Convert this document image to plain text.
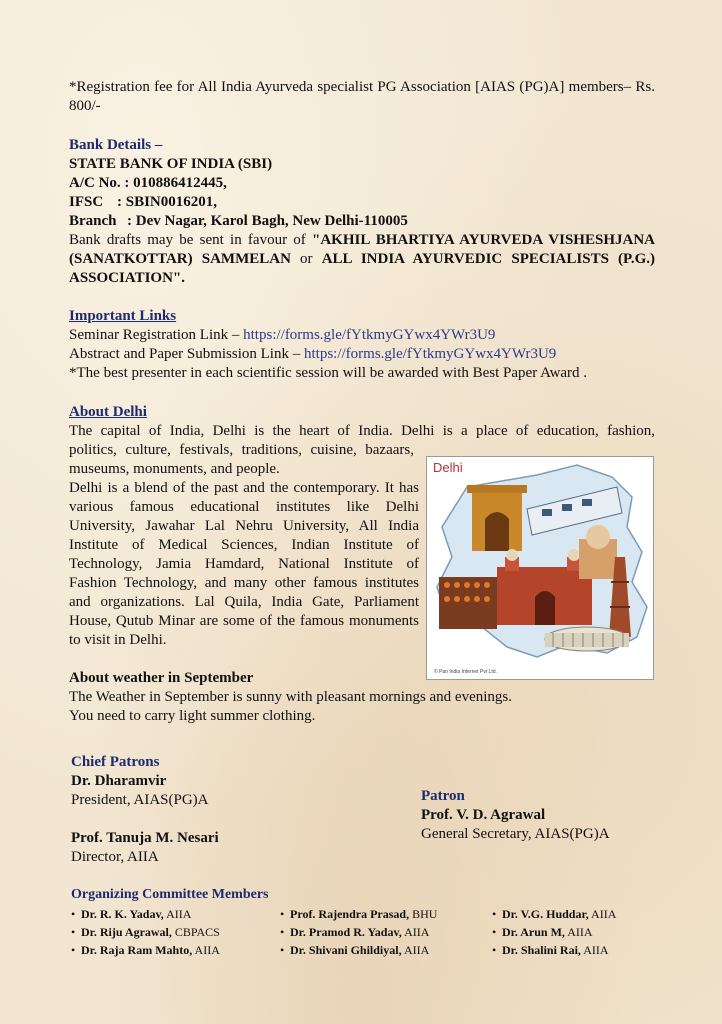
*Registration fee for All India Ayurveda specialist PG Association [AIAS (PG)A] members– Rs. 800/-
Bank Details –
STATE BANK OF INDIA (SBI)
A/C No. : 010886412445,
IFSC : SBIN0016201,
Branch : Dev Nagar, Karol Bagh, New Delhi-110005
Bank drafts may be sent in favour of "AKHIL BHARTIYA AYURVEDA VISHESHJANA (SANATKOTTAR) SAMMELAN or ALL INDIA AYURVEDIC SPECIALISTS (P.G.) ASSOCIATION".
Important Links
Seminar Registration Link – https://forms.gle/fYtkmyGYwx4YWr3U9
Abstract and Paper Submission Link – https://forms.gle/fYtkmyGYwx4YWr3U9
*The best presenter in each scientific session will be awarded with Best Paper Award .
About Delhi
The capital of India, Delhi is the heart of India. Delhi is a place of education, fashion,
politics, culture, festivals, traditions, cuisine, bazaars, museums, monuments, and people.
Delhi is a blend of the past and the contemporary. It has various famous educational institutes like Delhi University, Jawahar Lal Nehru University, All India Institute of Medical Sciences, Indian Institute of Technology, Jamia Hamdard, National Institute of Fashion Technology, and many other famous institutes and organizations. Lal Quila, India Gate, Parliament House, Qutub Minar are some of the famous monuments to visit in Delhi.
Delhi
© Pan India Internet Pvt Ltd.
About weather in September
The Weather in September is sunny with pleasant mornings and evenings. You need to carry light summer clothing.
Chief Patrons
Dr. Dharamvir
President, AIAS(PG)A
Prof. Tanuja M. Nesari
Director, AIIA
Patron
Prof. V. D. Agrawal
General Secretary, AIAS(PG)A
Organizing Committee Members
• Dr. R. K. Yadav, AIIA
• Dr. Riju Agrawal, CBPACS
• Dr. Raja Ram Mahto, AIIA
• Prof. Rajendra Prasad, BHU
• Dr. Pramod R. Yadav, AIIA
• Dr. Shivani Ghildiyal, AIIA
• Dr. V.G. Huddar, AIIA
• Dr. Arun M, AIIA
• Dr. Shalini Rai, AIIA
